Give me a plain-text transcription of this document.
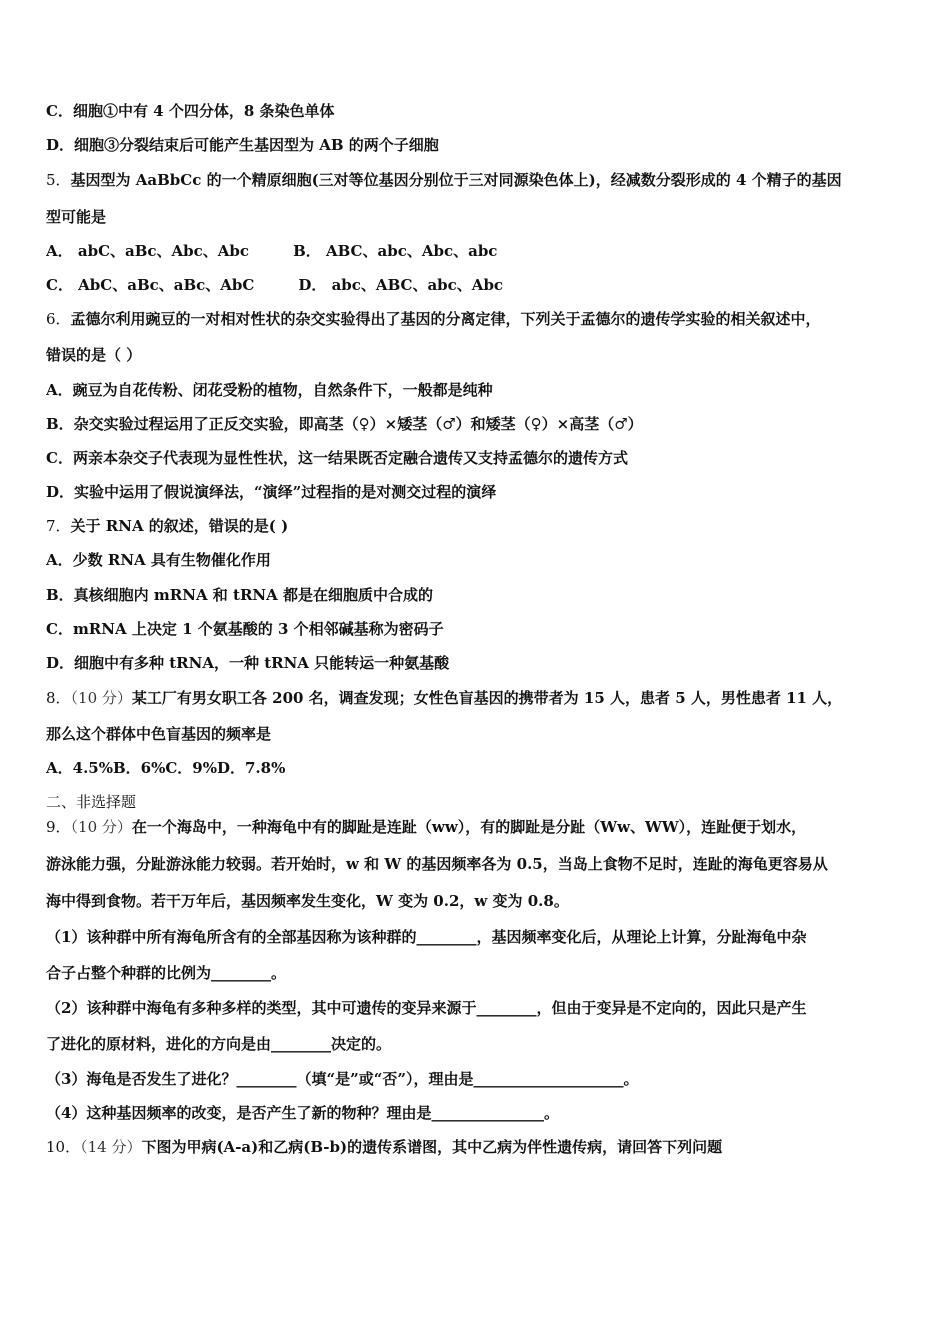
C．细胞①中有 4 个四分体，8 条染色单体
D．细胞③分裂结束后可能产生基因型为 AB 的两个子细胞
5．基因型为 AaBbCc 的一个精原细胞(三对等位基因分别位于三对同源染色体上)，经减数分裂形成的 4 个精子的基因
型可能是
A． abC、aBc、Abc、Abc	B． ABC、abc、Abc、abc
C． AbC、aBc、aBc、AbC	D． abc、ABC、abc、Abc
6．孟德尔利用豌豆的一对相对性状的杂交实验得出了基因的分离定律，下列关于孟德尔的遗传学实验的相关叙述中，
错误的是（ ）
A．豌豆为自花传粉、闭花受粉的植物，自然条件下，一般都是纯种
B．杂交实验过程运用了正反交实验，即高茎（♀）×矮茎（♂）和矮茎（♀）×高茎（♂）
C．两亲本杂交子代表现为显性性状，这一结果既否定融合遗传又支持孟德尔的遗传方式
D．实验中运用了假说演绎法，“演绎”过程指的是对测交过程的演绎
7．关于 RNA 的叙述，错误的是( )
A．少数 RNA 具有生物催化作用
B．真核细胞内 mRNA 和 tRNA 都是在细胞质中合成的
C．mRNA 上决定 1 个氨基酸的 3 个相邻碱基称为密码子
D．细胞中有多种 tRNA，一种 tRNA 只能转运一种氨基酸
8．（10 分）某工厂有男女职工各 200 名，调查发现；女性色盲基因的携带者为 15 人，患者 5 人，男性患者 11 人，
那么这个群体中色盲基因的频率是
A．4.5%B．6%C．9%D．7.8%
二、非选择题
9．（10 分）在一个海岛中，一种海龟中有的脚趾是连趾（ww），有的脚趾是分趾（Ww、WW），连趾便于划水，
游泳能力强，分趾游泳能力较弱。若开始时，w 和 W 的基因频率各为 0.5，当岛上食物不足时，连趾的海龟更容易从
海中得到食物。若干万年后，基因频率发生变化，W 变为 0.2，w 变为 0.8。
（1）该种群中所有海龟所含有的全部基因称为该种群的________，基因频率变化后，从理论上计算，分趾海龟中杂
合子占整个种群的比例为________。
（2）该种群中海龟有多种多样的类型，其中可遗传的变异来源于________，但由于变异是不定向的，因此只是产生
了进化的原材料，进化的方向是由________决定的。
（3）海龟是否发生了进化？________（填“是”或“否”），理由是____________________。
（4）这种基因频率的改变，是否产生了新的物种？理由是_______________。
10．（14 分）下图为甲病(A-a)和乙病(B-b)的遗传系谱图，其中乙病为伴性遗传病，请回答下列问题
